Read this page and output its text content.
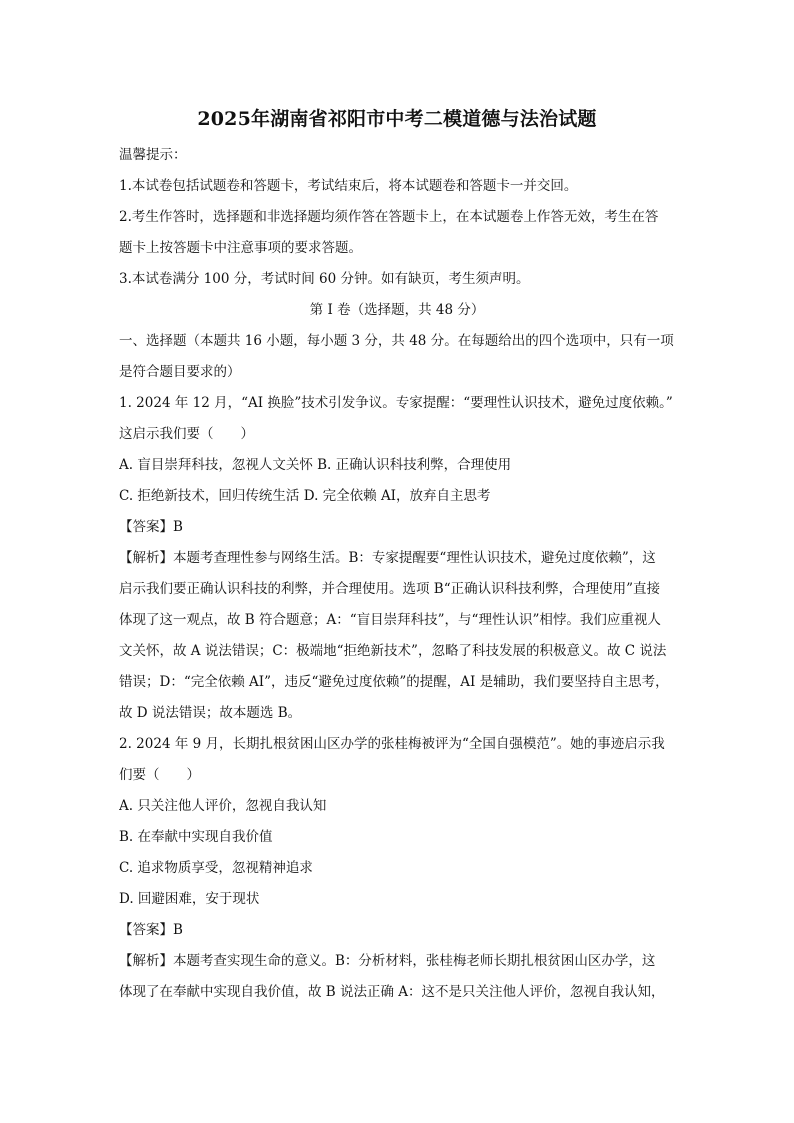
2025年湖南省祁阳市中考二模道德与法治试题
温馨提示：
1.本试卷包括试题卷和答题卡，考试结束后，将本试题卷和答题卡一并交回。
2.考生作答时，选择题和非选择题均须作答在答题卡上，在本试题卷上作答无效，考生在答
题卡上按答题卡中注意事项的要求答题。
3.本试卷满分 100 分，考试时间 60 分钟。如有缺页，考生须声明。
第 I 卷（选择题，共 48 分）
一、选择题（本题共 16 小题，每小题 3 分，共 48 分。在每题给出的四个选项中，只有一项
是符合题目要求的）
1. 2024 年 12 月，“AI 换脸”技术引发争议。专家提醒：“要理性认识技术，避免过度依赖。”
这启示我们要（　　）
A. 盲目崇拜科技，忽视人文关怀 B. 正确认识科技利弊，合理使用
C. 拒绝新技术，回归传统生活 D. 完全依赖 AI，放弃自主思考
【答案】B
【解析】本题考查理性参与网络生活。B：专家提醒要“理性认识技术，避免过度依赖”，这
启示我们要正确认识科技的利弊，并合理使用。选项 B“正确认识科技利弊，合理使用”直接
体现了这一观点，故 B 符合题意；A：“盲目崇拜科技”，与“理性认识”相悖。我们应重视人
文关怀，故 A 说法错误；C：极端地“拒绝新技术”，忽略了科技发展的积极意义。故 C 说法
错误；D：“完全依赖 AI”，违反“避免过度依赖”的提醒，AI 是辅助，我们要坚持自主思考，
故 D 说法错误；故本题选 B。
2. 2024 年 9 月，长期扎根贫困山区办学的张桂梅被评为“全国自强模范”。她的事迹启示我
们要（　　）
A. 只关注他人评价，忽视自我认知
B. 在奉献中实现自我价值
C. 追求物质享受，忽视精神追求
D. 回避困难，安于现状
【答案】B
【解析】本题考查实现生命的意义。B：分析材料，张桂梅老师长期扎根贫困山区办学，这
体现了在奉献中实现自我价值，故 B 说法正确 A：这不是只关注他人评价，忽视自我认知，
